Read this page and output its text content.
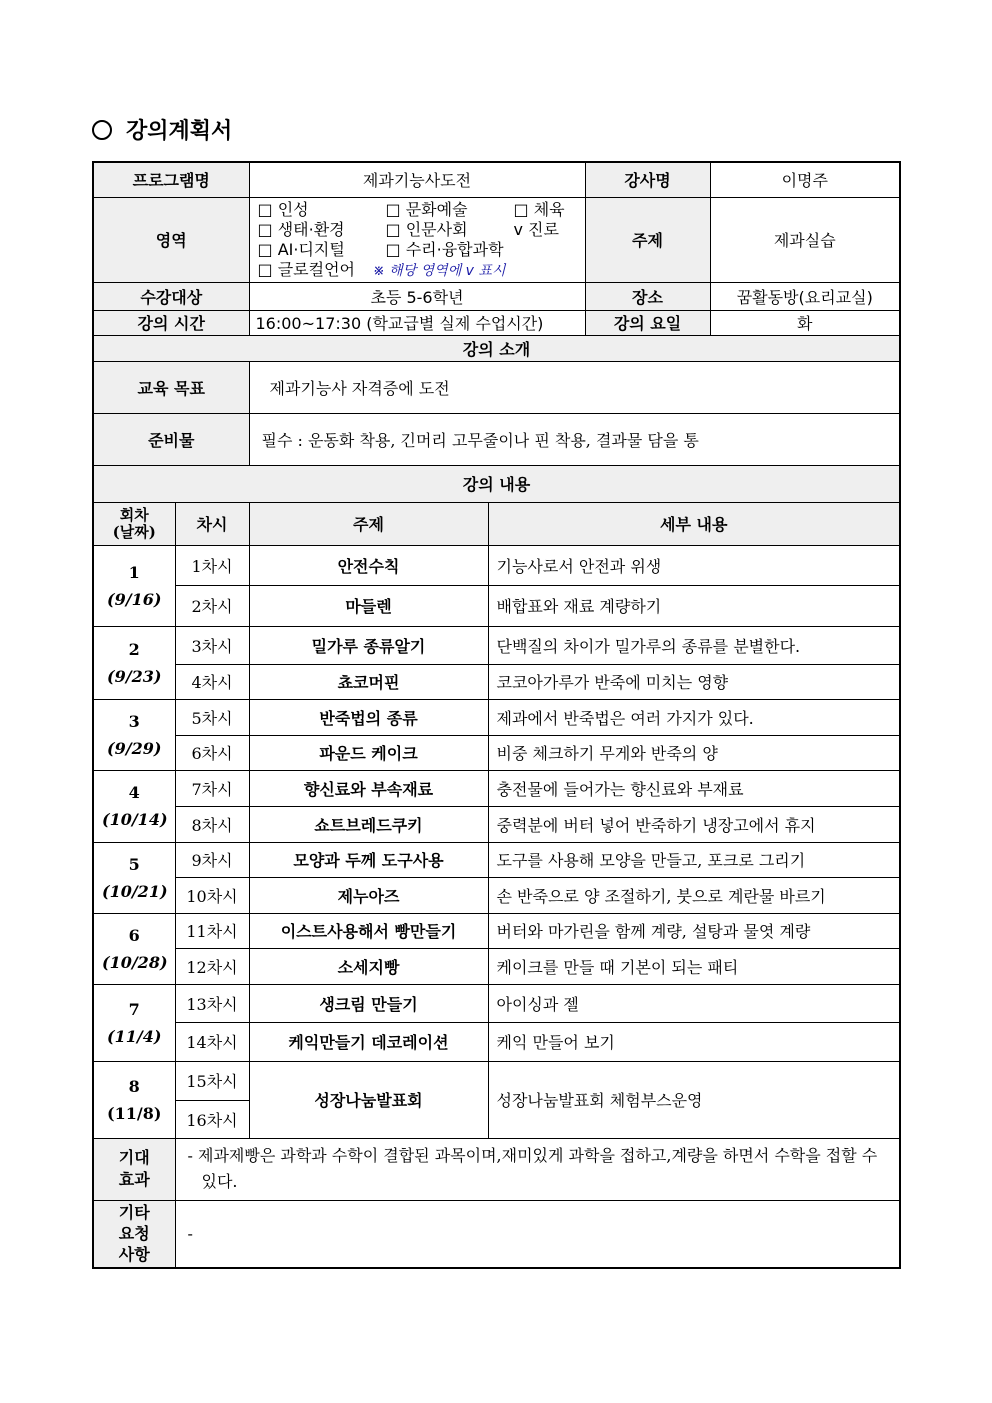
강의계획서
프로그램명		제과기능사도전		강사명	이명주
영역		□ 인성 □ 문화예술 □ 체육
□ 생태·환경 □ 인문사회 v 진로
□ AI·디지털 □ 수리·융합과학
□ 글로컬언어 ※ 해당 영역에 v 표시		주제	제과실습
수강대상		초등 5-6학년		장소	꿈활동방(요리교실)
강의 시간		16:00~17:30 (학교급별 실제 수업시간)		강의 요일	화
강의 소개					
교육 목표		제과기능사 자격증에 도전			
준비물		필수 : 운동화 착용, 긴머리 고무줄이나 핀 착용, 결과물 담을 통			
강의 내용					

회차
(날짜)	차시	주제	세부 내용		

1
(9/16)	1차시	안전수칙	기능사로서 안전과 위생		
	2차시	마들렌	배합표와 재료 계량하기		

2
(9/23)	3차시	밀가루 종류알기	단백질의 차이가 밀가루의 종류를 분별한다.		
	4차시	쵸코머핀	코코아가루가 반죽에 미치는 영향		

3
(9/29)	5차시	반죽법의 종류	제과에서 반죽법은 여러 가지가 있다.		
	6차시	파운드 케이크	비중 체크하기 무게와 반죽의 양		

4
(10/14)	7차시	향신료와 부속재료	충전물에 들어가는 향신료와 부재료		
	8차시	쇼트브레드쿠키	중력분에 버터 넣어 반죽하기 냉장고에서 휴지		

5
(10/21)	9차시	모양과 두께 도구사용	도구를 사용해 모양을 만들고, 포크로 그리기		
	10차시	제누아즈	손 반죽으로 양 조절하기, 붓으로 계란물 바르기		

6
(10/28)	11차시	이스트사용해서 빵만들기	버터와 마가린을 함께 계량, 설탕과 물엿 계량		
	12차시	소세지빵	케이크를 만들 때 기본이 되는 패티		

7
(11/4)	13차시	생크림 만들기	아이싱과 젤		
	14차시	케익만들기 데코레이션	케익 만들어 보기		

8
(11/8)	15차시	성장나눔발표회	성장나눔발표회 체험부스운영		
	16차시				

기대
효과	- 제과제빵은 과학과 수학이 결합된 과목이며,재미있게 과학을 접하고,계량을 하면서 수학을 접할 수 있다.				

기타
요청
사항	-				
